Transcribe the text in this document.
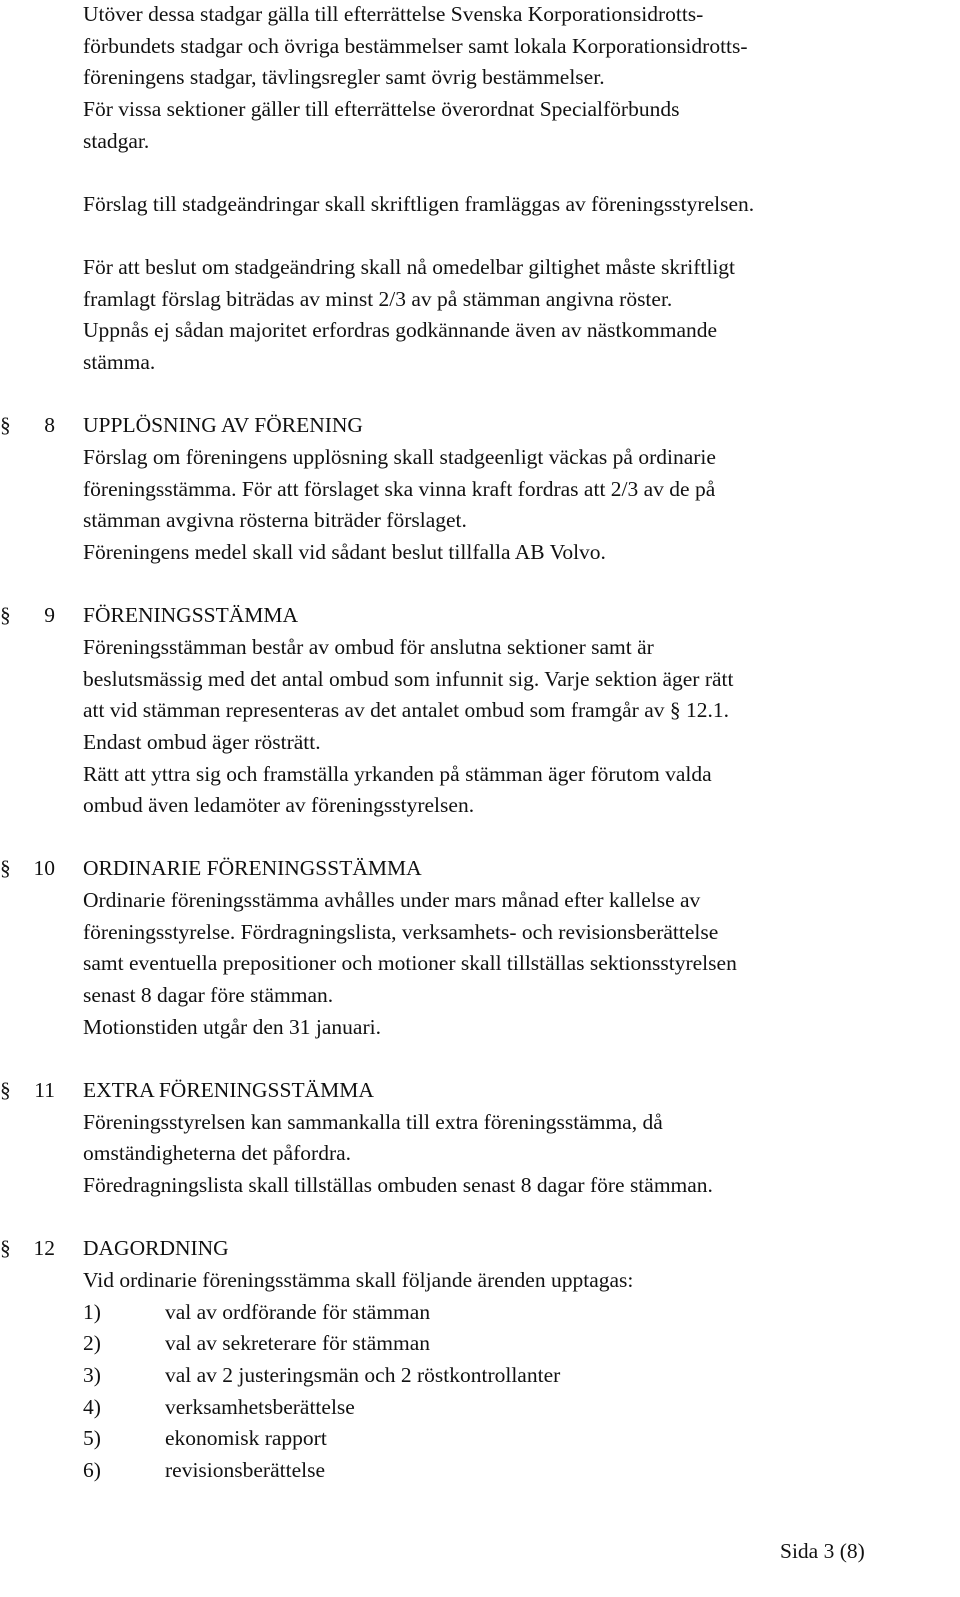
Utöver dessa stadgar gälla till efterrättelse Svenska Korporationsidrotts-
förbundets stadgar och övriga bestämmelser samt lokala Korporationsidrotts-
föreningens stadgar, tävlingsregler samt övrig bestämmelser.
För vissa sektioner gäller till efterrättelse överordnat Specialförbunds
stadgar.
Förslag till stadgeändringar skall skriftligen framläggas av föreningsstyrelsen.
För att beslut om stadgeändring skall nå omedelbar giltighet måste skriftligt
framlagt förslag biträdas av minst 2/3 av på stämman angivna röster.
Uppnås ej sådan majoritet erfordras godkännande även av nästkommande
stämma.
§	8 UPPLÖSNING AV FÖRENING
Förslag om föreningens upplösning skall stadgeenligt väckas på ordinarie
föreningsstämma. För att förslaget ska vinna kraft fordras att 2/3 av de på
stämman avgivna rösterna biträder förslaget.
Föreningens medel skall vid sådant beslut tillfalla AB Volvo.
§	9 FÖRENINGSSTÄMMA
Föreningsstämman består av ombud för anslutna sektioner samt är
beslutsmässig med det antal ombud som infunnit sig. Varje sektion äger rätt
att vid stämman representeras av det antalet ombud som framgår av § 12.1.
Endast ombud äger rösträtt.
Rätt att yttra sig och framställa yrkanden på stämman äger förutom valda
ombud även ledamöter av föreningsstyrelsen.
§	10 ORDINARIE FÖRENINGSSTÄMMA
Ordinarie föreningsstämma avhålles under mars månad efter kallelse av
föreningsstyrelse. Fördragningslista, verksamhets- och revisionsberättelse
samt eventuella prepositioner och motioner skall tillställas sektionsstyrelsen
senast 8 dagar före stämman.
Motionstiden utgår den 31 januari.
§	11 EXTRA FÖRENINGSSTÄMMA
Föreningsstyrelsen kan sammankalla till extra föreningsstämma, då
omständigheterna det påfordra.
Föredragningslista skall tillställas ombuden senast 8 dagar före stämman.
§	12 DAGORDNING
Vid ordinarie föreningsstämma skall följande ärenden upptagas:
1)	val av ordförande för stämman
2)	val av sekreterare för stämman
3)	val av 2 justeringsmän och 2 röstkontrollanter
4)	verksamhetsberättelse
5)	ekonomisk rapport
6)	revisionsberättelse
Sida 3 (8)
